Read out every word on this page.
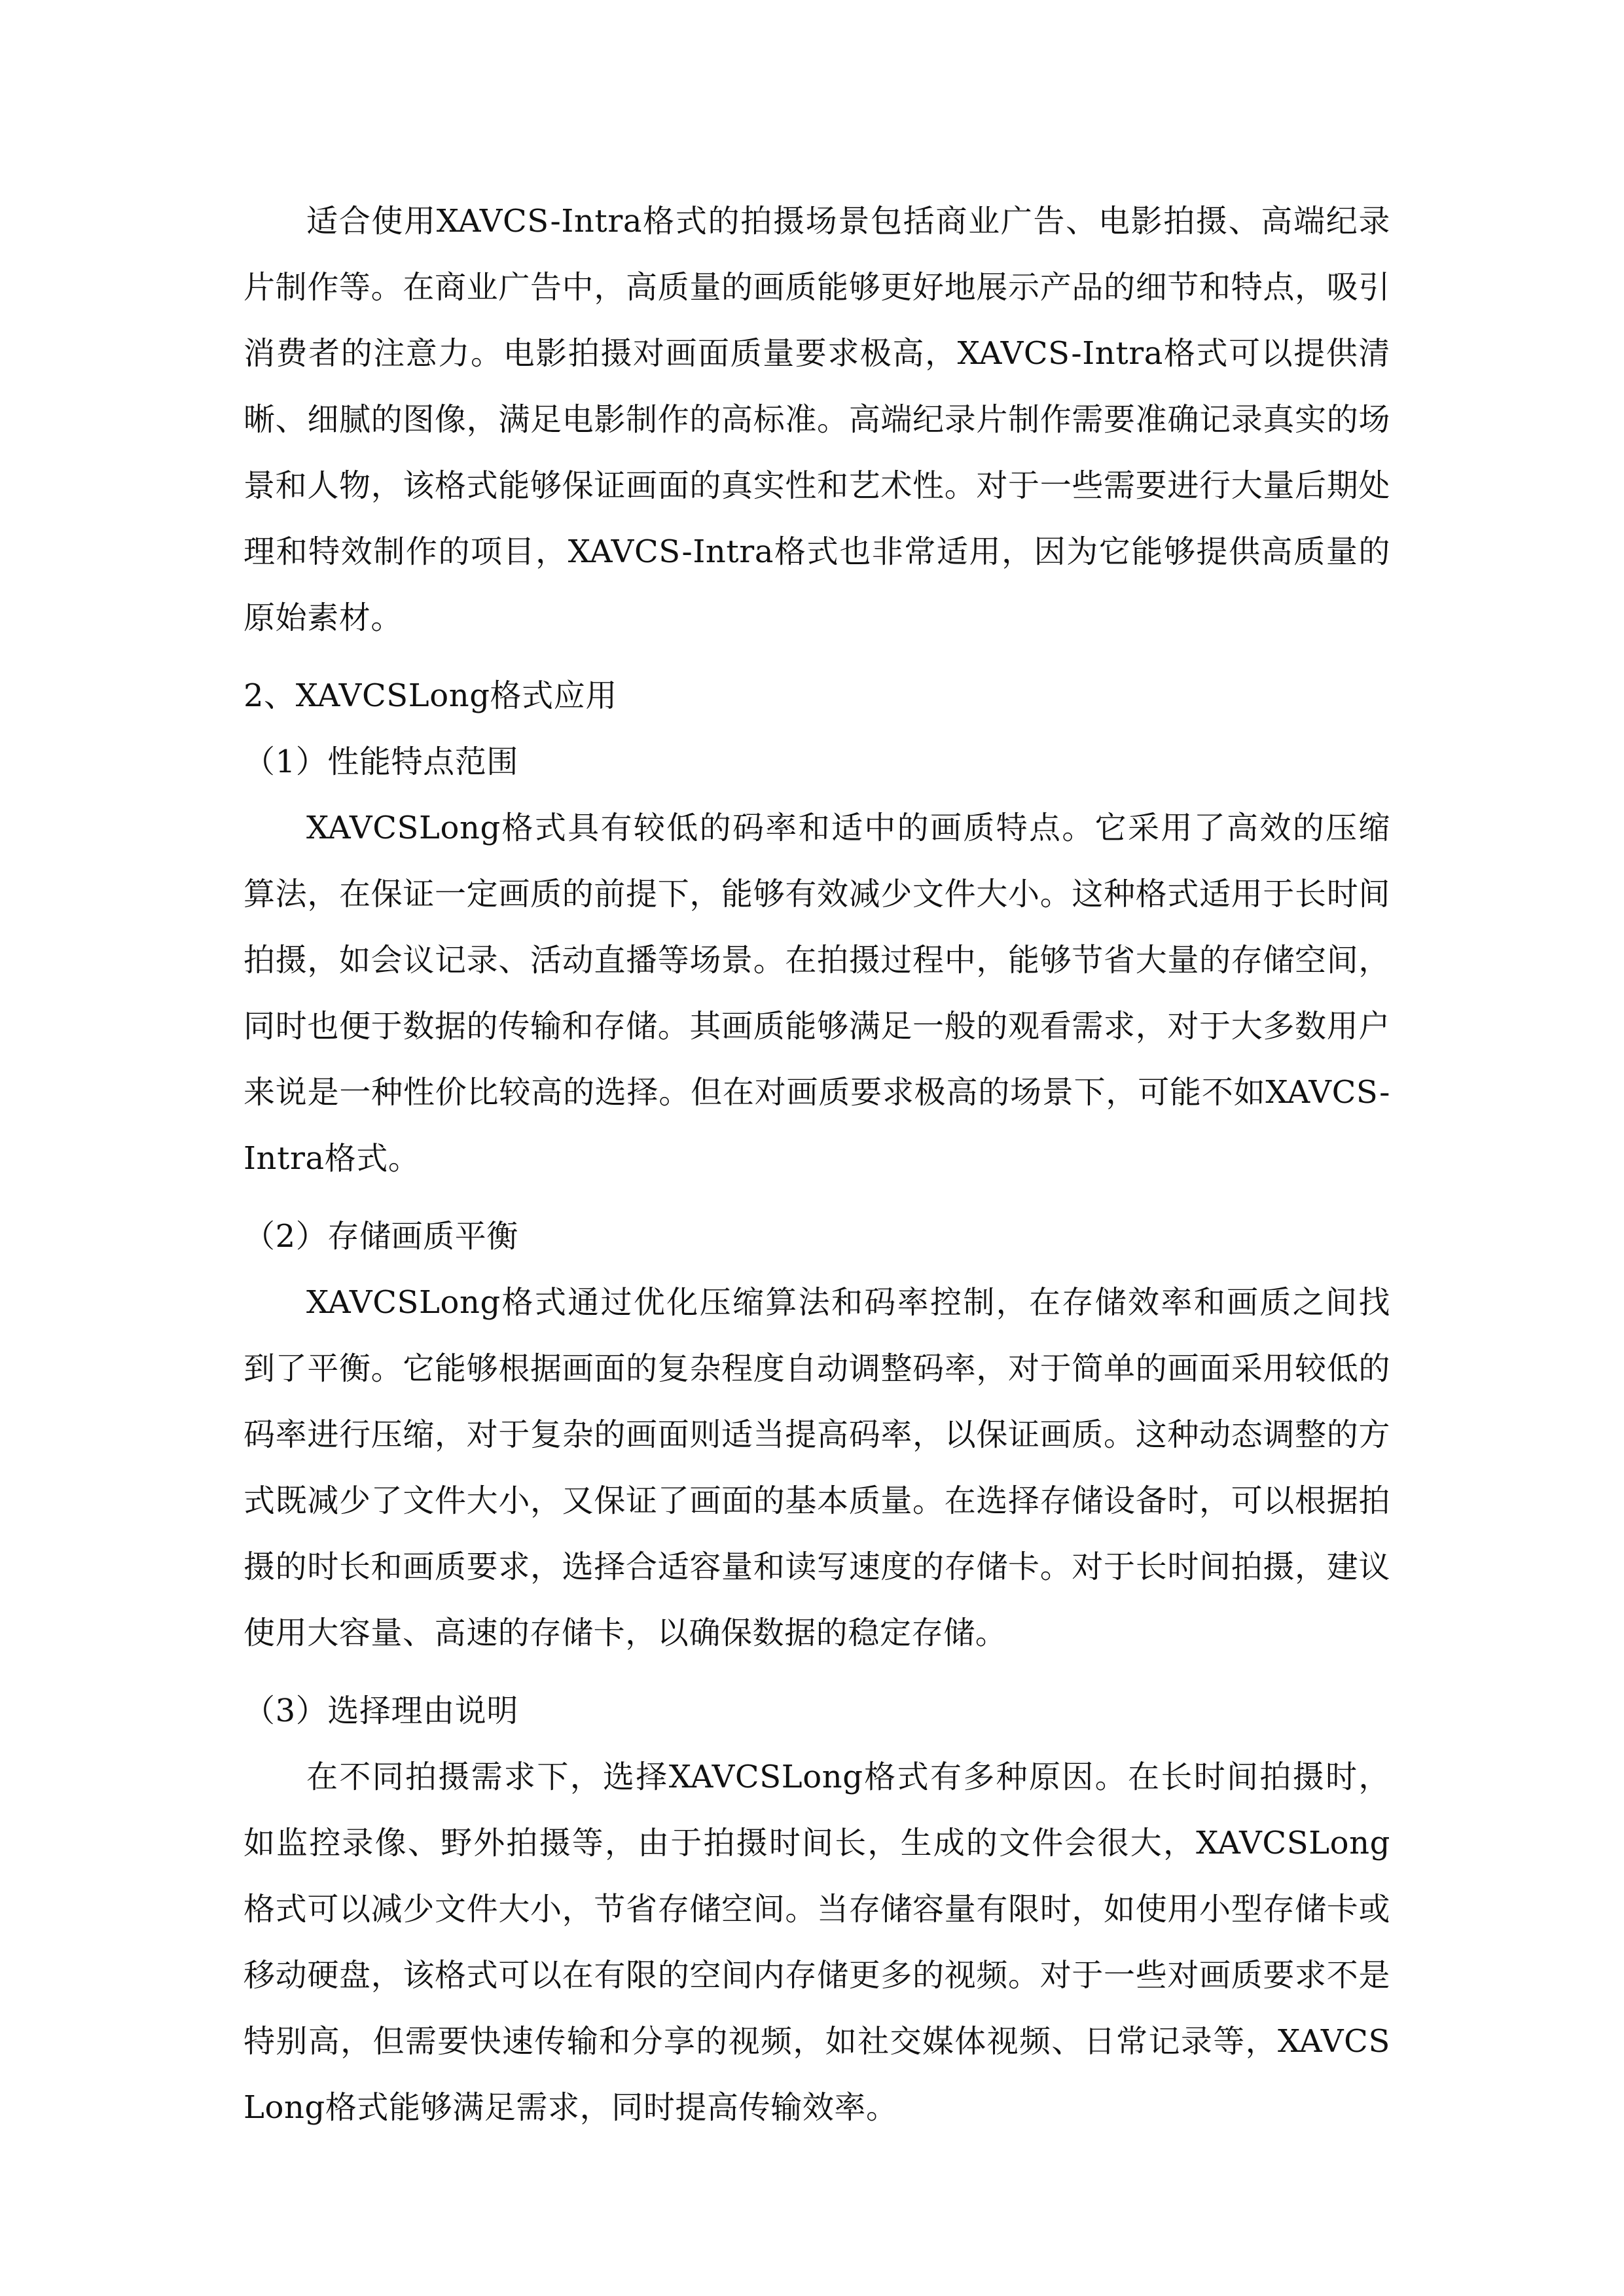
适合使用XAVCS-Intra格式的拍摄场景包括商业广告、电影拍摄、高端纪录片制作等。在商业广告中，高质量的画质能够更好地展示产品的细节和特点，吸引消费者的注意力。电影拍摄对画面质量要求极高，XAVCS-Intra格式可以提供清晰、细腻的图像，满足电影制作的高标准。高端纪录片制作需要准确记录真实的场景和人物，该格式能够保证画面的真实性和艺术性。对于一些需要进行大量后期处理和特效制作的项目，XAVCS-Intra格式也非常适用，因为它能够提供高质量的原始素材。

2、XAVCSLong格式应用

（1）性能特点范围

XAVCSLong格式具有较低的码率和适中的画质特点。它采用了高效的压缩算法，在保证一定画质的前提下，能够有效减少文件大小。这种格式适用于长时间拍摄，如会议记录、活动直播等场景。在拍摄过程中，能够节省大量的存储空间，同时也便于数据的传输和存储。其画质能够满足一般的观看需求，对于大多数用户来说是一种性价比较高的选择。但在对画质要求极高的场景下，可能不如XAVCS-Intra格式。

（2）存储画质平衡

XAVCSLong格式通过优化压缩算法和码率控制，在存储效率和画质之间找到了平衡。它能够根据画面的复杂程度自动调整码率，对于简单的画面采用较低的码率进行压缩，对于复杂的画面则适当提高码率，以保证画质。这种动态调整的方式既减少了文件大小，又保证了画面的基本质量。在选择存储设备时，可以根据拍摄的时长和画质要求，选择合适容量和读写速度的存储卡。对于长时间拍摄，建议使用大容量、高速的存储卡，以确保数据的稳定存储。

（3）选择理由说明

在不同拍摄需求下，选择XAVCSLong格式有多种原因。在长时间拍摄时，如监控录像、野外拍摄等，由于拍摄时间长，生成的文件会很大，XAVCSLong格式可以减少文件大小，节省存储空间。当存储容量有限时，如使用小型存储卡或移动硬盘，该格式可以在有限的空间内存储更多的视频。对于一些对画质要求不是特别高，但需要快速传输和分享的视频，如社交媒体视频、日常记录等，XAVCSLong格式能够满足需求，同时提高传输效率。
